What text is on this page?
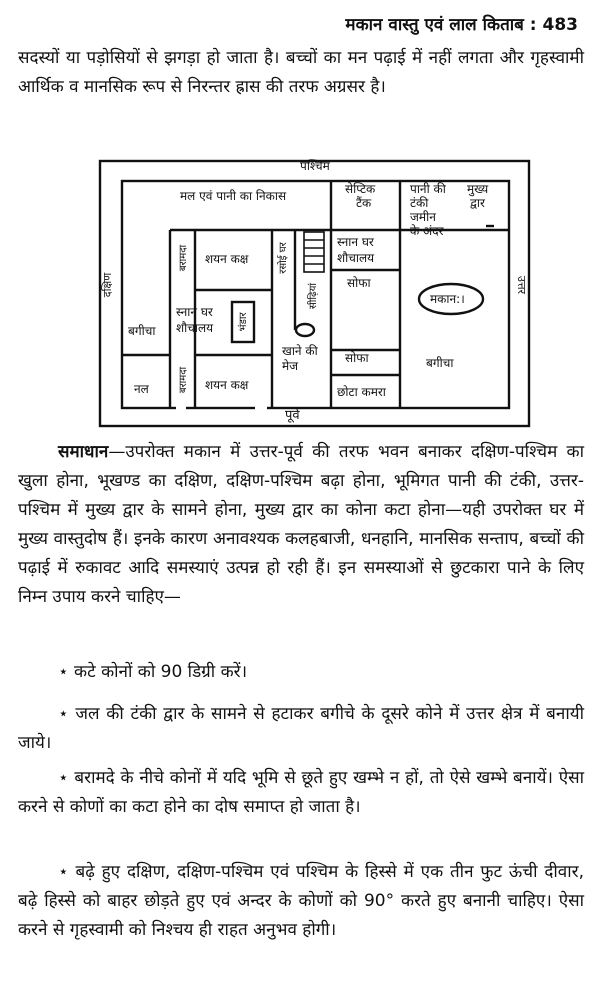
मकान वास्तु एवं लाल किताब : 483

सदस्यों या पड़ोसियों से झगड़ा हो जाता है। बच्चों का मन पढ़ाई में नहीं लगता और गृहस्वामी आर्थिक व मानसिक रूप से निरन्तर ह्रास की तरफ अग्रसर है।

पश्चिम
पूर्व
दक्षिण	उत्तर
मल एवं पानी का निकास	सेप्टिक
टैंक
पानी की
टंकी
जमीन
के अंदर
मुख्य
द्वार
बरामदा शयन कक्ष	रसोई घर
सीढ़ियां
स्नान घर
शौचालय
सोफा
मकान:।
बगीचा
स्नान घर
शौचालय भंडार
खाने की
मेज
सोफा	बगीचा
नल	बरामदा शयन कक्ष	छोटा कमरा

समाधान—उपरोक्त मकान में उत्तर-पूर्व की तरफ भवन बनाकर दक्षिण-पश्चिम का खुला होना, भूखण्ड का दक्षिण, दक्षिण-पश्चिम बढ़ा होना, भूमिगत पानी की टंकी, उत्तर-पश्चिम में मुख्य द्वार के सामने होना, मुख्य द्वार का कोना कटा होना—यही उपरोक्त घर में मुख्य वास्तुदोष हैं। इनके कारण अनावश्यक कलहबाजी, धनहानि, मानसिक सन्ताप, बच्चों की पढ़ाई में रुकावट आदि समस्याएं उत्पन्न हो रही हैं। इन समस्याओं से छुटकारा पाने के लिए निम्न उपाय करने चाहिए—

⋆ कटे कोनों को 90 डिग्री करें।

⋆ जल की टंकी द्वार के सामने से हटाकर बगीचे के दूसरे कोने में उत्तर क्षेत्र में बनायी जाये।

⋆ बरामदे के नीचे कोनों में यदि भूमि से छूते हुए खम्भे न हों, तो ऐसे खम्भे बनायें। ऐसा करने से कोणों का कटा होने का दोष समाप्त हो जाता है।

⋆ बढ़े हुए दक्षिण, दक्षिण-पश्चिम एवं पश्चिम के हिस्से में एक तीन फुट ऊंची दीवार, बढ़े हिस्से को बाहर छोड़ते हुए एवं अन्दर के कोणों को 90° करते हुए बनानी चाहिए। ऐसा करने से गृहस्वामी को निश्चय ही राहत अनुभव होगी।
